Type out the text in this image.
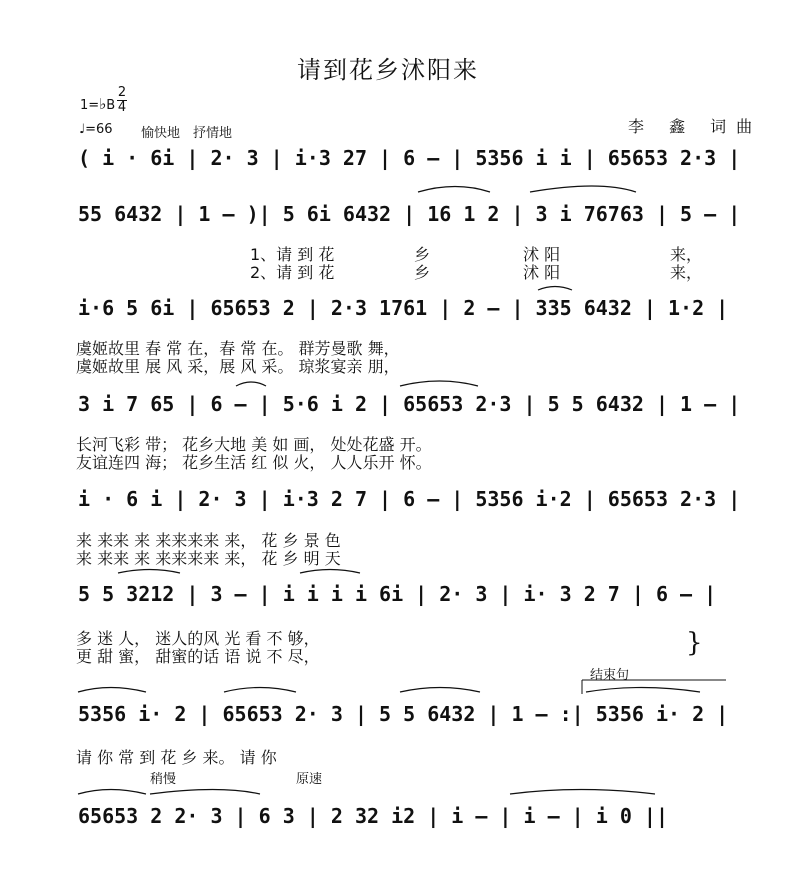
请到花乡沭阳来
1=♭B
2
4
♩=66 愉快地 抒情地	李 鑫 词曲
( i · 6i | 2· 3 | i·3 27 | 6 – | 5356 i i | 65653 2·3 |
55 6432 | 1 – )| 5 6i 6432 | 16 1 2 | 3 i 76763 | 5 – |
1、请 到 花	乡	沭 阳	来，
2、请 到 花	乡	沭 阳	来，
i·6 5 6i | 65653 2 | 2·3 1761 | 2 – | 335 6432 | 1·2 |
虞姬故里 春 常 在，春 常 在。 群芳曼歌 舞，
虞姬故里 展 风 采，展 风 采。 琼浆宴亲 朋，
3 i 7 65 | 6 – | 5·6 i 2 | 65653 2·3 | 5 5 6432 | 1 – |
长河飞彩 带； 花乡大地 美 如 画， 处处花盛 开。
友谊连四 海； 花乡生活 红 似 火， 人人乐开 怀。
i · 6 i | 2· 3 | i·3 2 7 | 6 – | 5356 i·2 | 65653 2·3 |
来 来来 来 来来来来 来， 花 乡 景 色
来 来来 来 来来来来 来， 花 乡 明 天
5 5 3212 | 3 – | i i i i 6i | 2· 3 | i· 3 2 7 | 6 – |
多 迷 人， 迷人的风 光 看 不 够，
更 甜 蜜， 甜蜜的话 语 说 不 尽，	}
结束句
5356 i· 2 | 65653 2· 3 | 5 5 6432 | 1 – :| 5356 i· 2 |
请 你 常 到 花 乡 来。 请 你
稍慢	原速
65653 2 2· 3 | 6 3 | 2 32 i2 | i – | i – | i 0 ||
